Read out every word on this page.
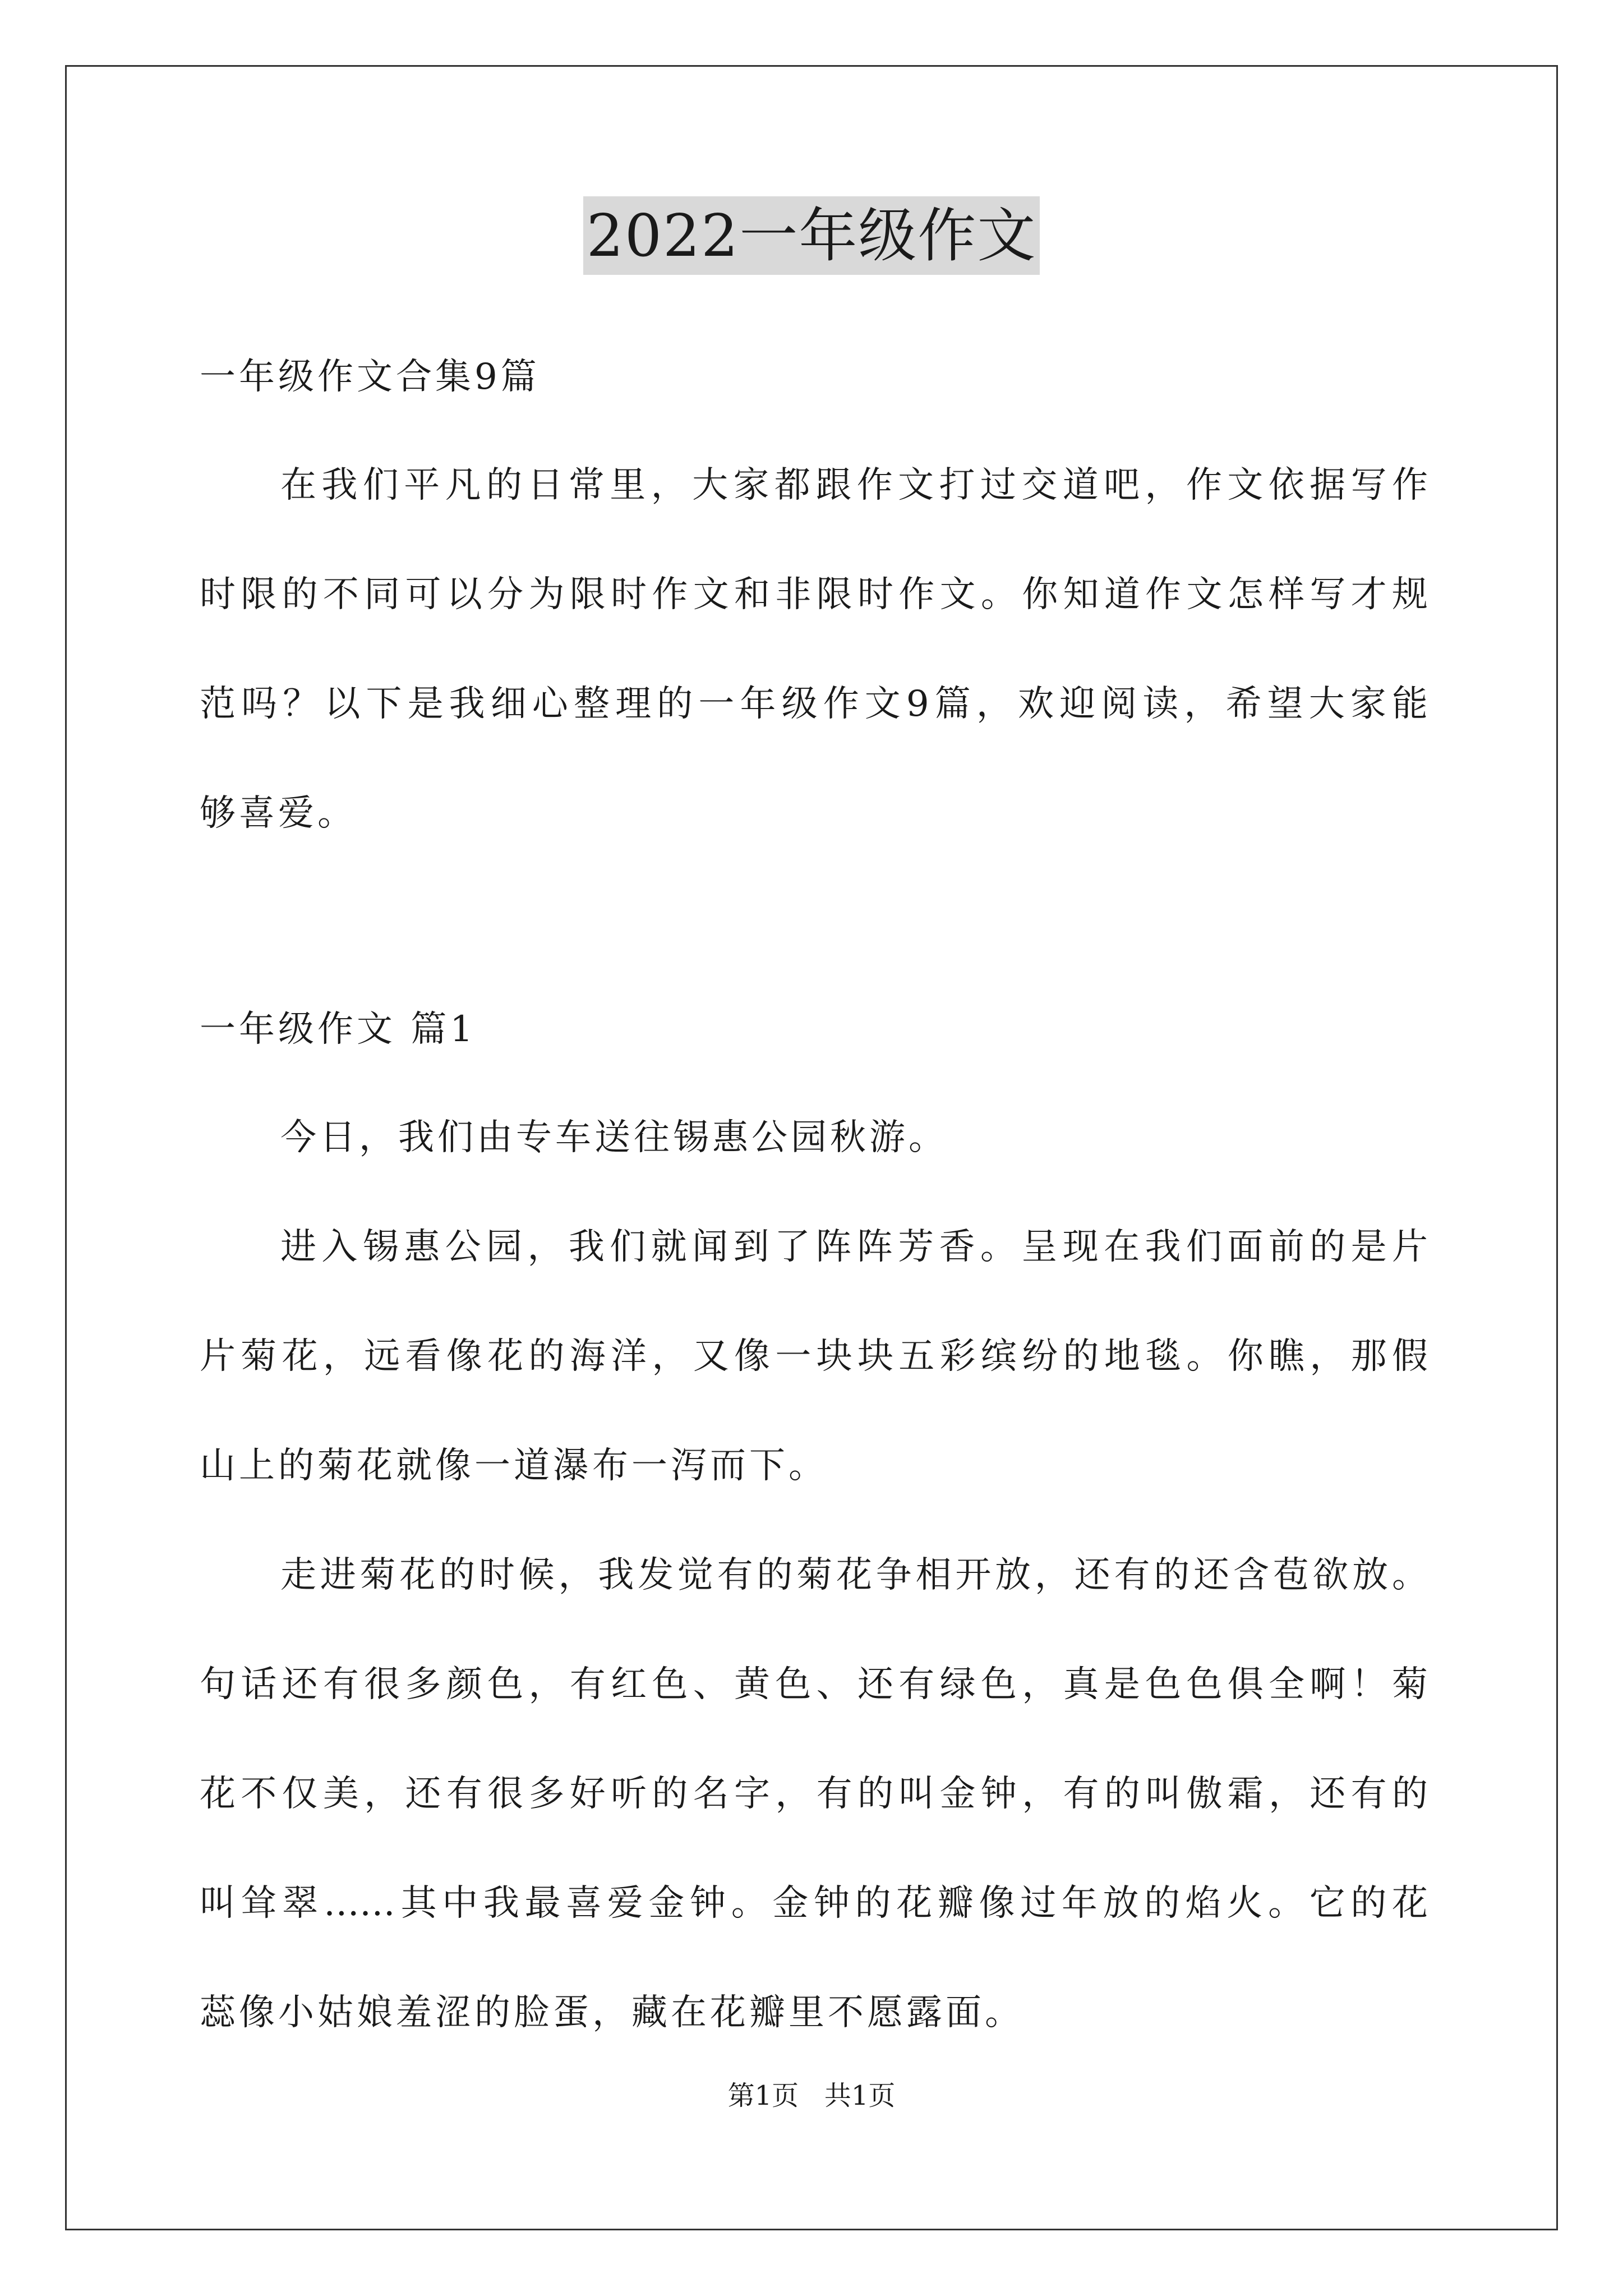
2022一年级作文
一年级作文合集9篇
在我们平凡的日常里，大家都跟作文打过交道吧，作文依据写作
时限的不同可以分为限时作文和非限时作文。你知道作文怎样写才规
范吗？以下是我细心整理的一年级作文9篇，欢迎阅读，希望大家能
够喜爱。
一年级作文 篇1
今日，我们由专车送往锡惠公园秋游。
进入锡惠公园，我们就闻到了阵阵芳香。呈现在我们面前的是片
片菊花，远看像花的海洋，又像一块块五彩缤纷的地毯。你瞧，那假
山上的菊花就像一道瀑布一泻而下。
走进菊花的时候，我发觉有的菊花争相开放，还有的还含苞欲放。
句话还有很多颜色，有红色、黄色、还有绿色，真是色色俱全啊！菊
花不仅美，还有很多好听的名字，有的叫金钟，有的叫傲霜，还有的
叫耸翠……其中我最喜爱金钟。金钟的花瓣像过年放的焰火。它的花
蕊像小姑娘羞涩的脸蛋，藏在花瓣里不愿露面。
第1页   共1页
